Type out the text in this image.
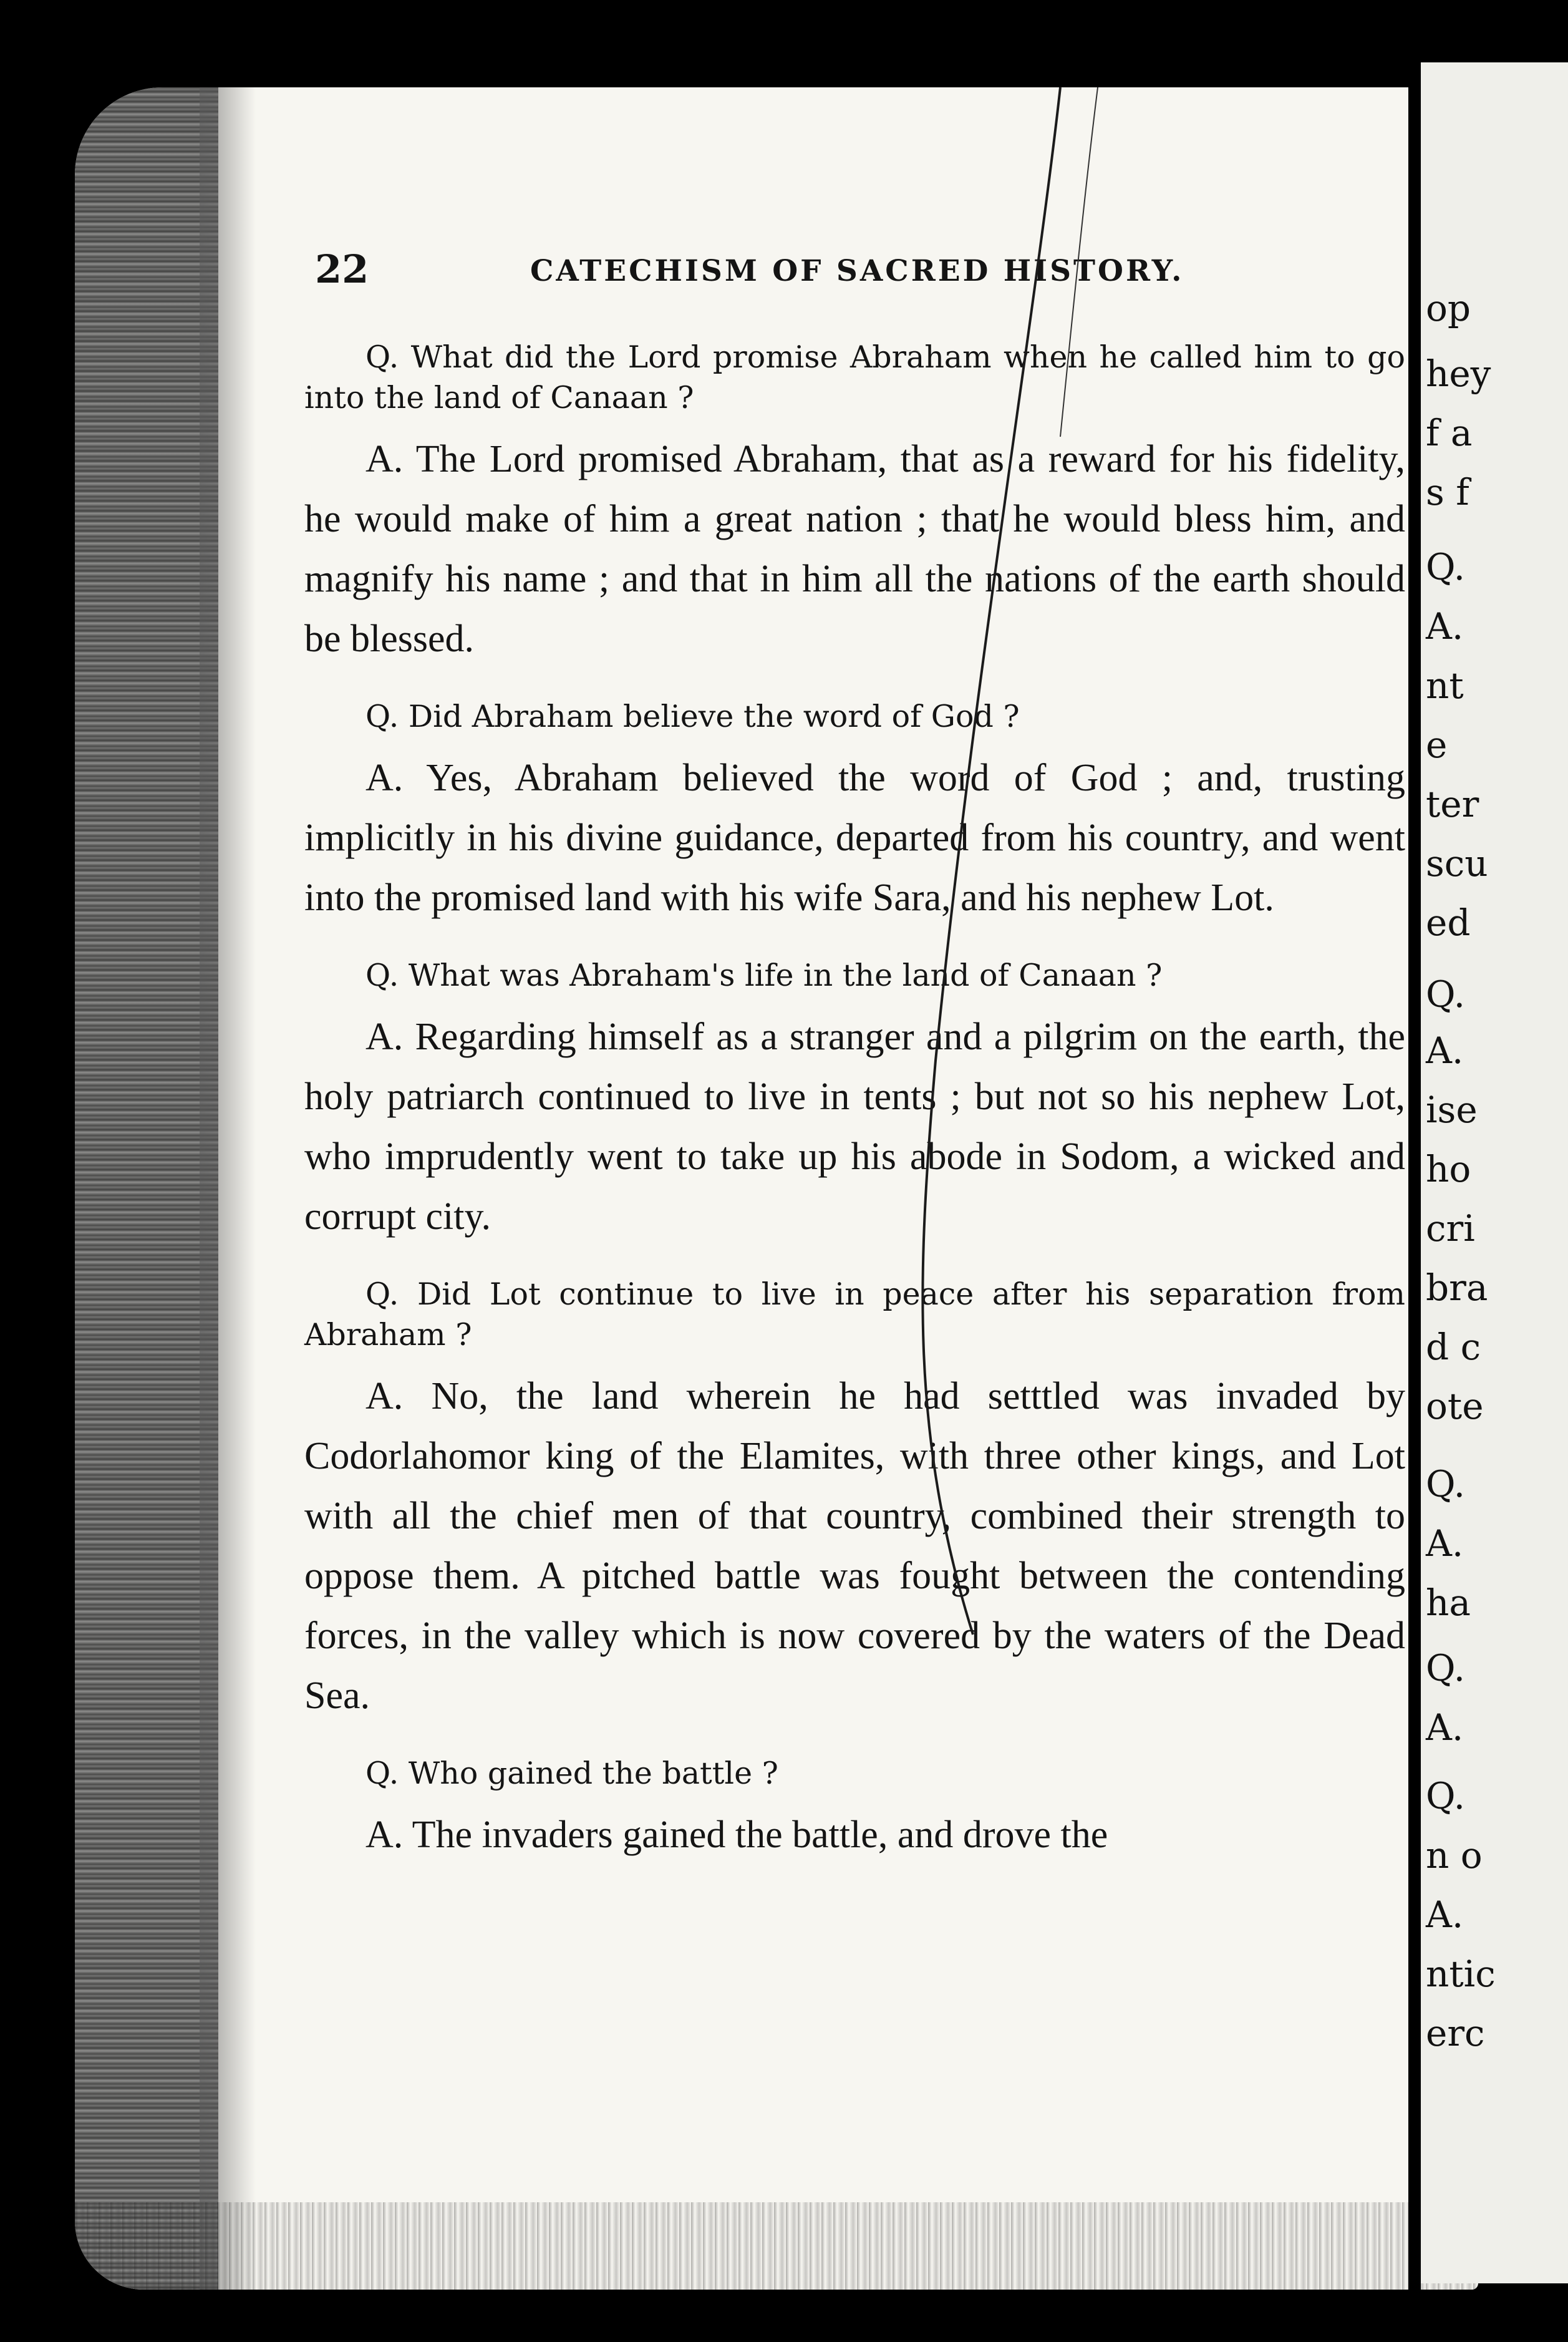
op
hey
f a
s f
Q.
A.
nt
e
ter
scu
ed
Q.
A.
ise
ho
cri
bra
d c
ote
Q.
A.
ha
Q.
A.
Q.
n o
A.
ntic
erc
22	CATECHISM OF SACRED HISTORY.

Q. What did the Lord promise Abraham when he called him to go into the land of Canaan ?

A. The Lord promised Abraham, that as a reward for his fidelity, he would make of him a great nation ; that he would bless him, and magnify his name ; and that in him all the nations of the earth should be blessed.

Q. Did Abraham believe the word of God ?

A. Yes, Abraham believed the word of God ; and, trusting implicitly in his divine guidance, departed from his country, and went into the promised land with his wife Sara, and his nephew Lot.

Q. What was Abraham's life in the land of Canaan ?

A. Regarding himself as a stranger and a pilgrim on the earth, the holy patriarch continued to live in tents ; but not so his nephew Lot, who imprudently went to take up his abode in Sodom, a wicked and corrupt city.

Q. Did Lot continue to live in peace after his separation from Abraham ?

A. No, the land wherein he had setttled was invaded by Codorlahomor king of the Elamites, with three other kings, and Lot with all the chief men of that country, combined their strength to oppose them. A pitched battle was fought between the contending forces, in the valley which is now covered by the waters of the Dead Sea.

Q. Who gained the battle ?

A. The invaders gained the battle, and drove the
